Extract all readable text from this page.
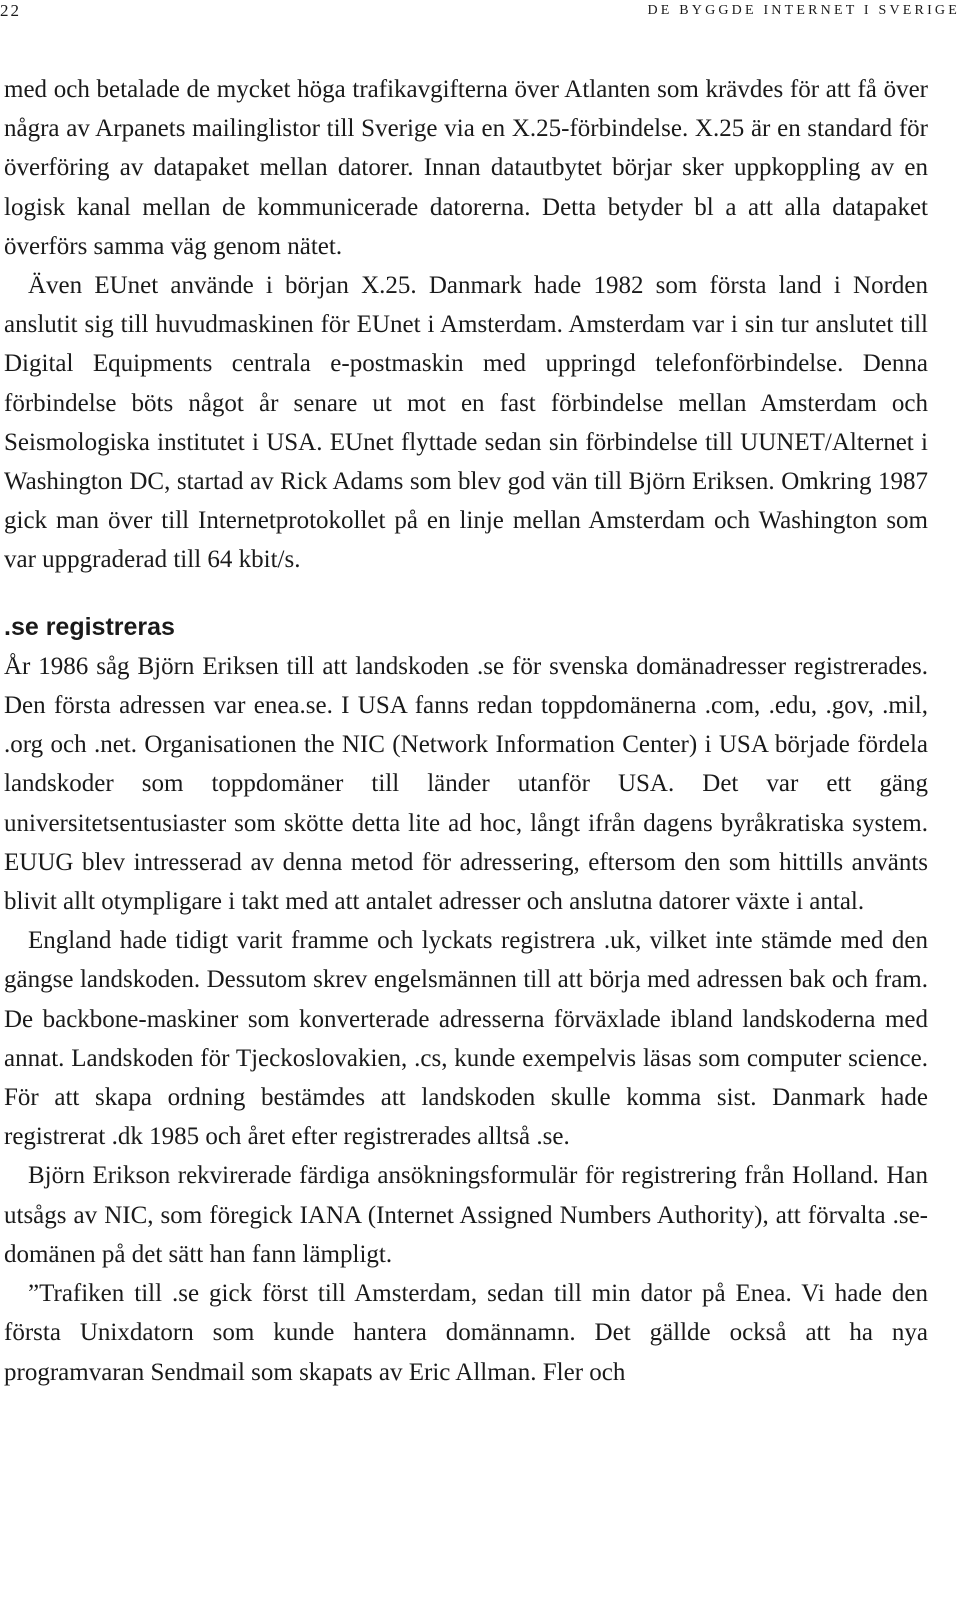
22	DE BYGGDE INTERNET I SVERIGE

med och betalade de mycket höga trafikavgifterna över Atlanten som krävdes för att få över några av Arpanets mailinglistor till Sverige via en X.25-förbindelse. X.25 är en standard för överföring av datapaket mellan datorer. Innan datautbytet börjar sker uppkoppling av en logisk kanal mellan de kommunicerade datorerna. Detta betyder bl a att alla datapaket överförs samma väg genom nätet.

Även EUnet använde i början X.25. Danmark hade 1982 som första land i Norden anslutit sig till huvudmaskinen för EUnet i Amsterdam. Amsterdam var i sin tur anslutet till Digital Equipments centrala e-postmaskin med uppringd telefonförbindelse. Denna förbindelse böts något år senare ut mot en fast förbindelse mellan Amsterdam och Seismologiska institutet i USA. EUnet flyttade sedan sin förbindelse till UUNET/Alternet i Washington DC, startad av Rick Adams som blev god vän till Björn Eriksen. Omkring 1987 gick man över till Internetprotokollet på en linje mellan Amsterdam och Washington som var uppgraderad till 64 kbit/s.

.se registreras

År 1986 såg Björn Eriksen till att landskoden .se för svenska domänadresser registrerades. Den första adressen var enea.se. I USA fanns redan toppdomänerna .com, .edu, .gov, .mil, .org och .net. Organisationen the NIC (Network Information Center) i USA började fördela landskoder som toppdomäner till länder utanför USA. Det var ett gäng universitetsentusiaster som skötte detta lite ad hoc, långt ifrån dagens byråkratiska system. EUUG blev intresserad av denna metod för adressering, eftersom den som hittills använts blivit allt otympligare i takt med att antalet adresser och anslutna datorer växte i antal.

England hade tidigt varit framme och lyckats registrera .uk, vilket inte stämde med den gängse landskoden. Dessutom skrev engelsmännen till att börja med adressen bak och fram. De backbone-maskiner som konverterade adresserna förväxlade ibland landskoderna med annat. Landskoden för Tjeckoslovakien, .cs, kunde exempelvis läsas som computer science. För att skapa ordning bestämdes att landskoden skulle komma sist. Danmark hade registrerat .dk 1985 och året efter registrerades alltså .se.

Björn Erikson rekvirerade färdiga ansökningsformulär för registrering från Holland. Han utsågs av NIC, som föregick IANA (Internet Assigned Numbers Authority), att förvalta .se-domänen på det sätt han fann lämpligt.

”Trafiken till .se gick först till Amsterdam, sedan till min dator på Enea. Vi hade den första Unixdatorn som kunde hantera domännamn. Det gällde också att ha nya programvaran Sendmail som skapats av Eric Allman. Fler och
